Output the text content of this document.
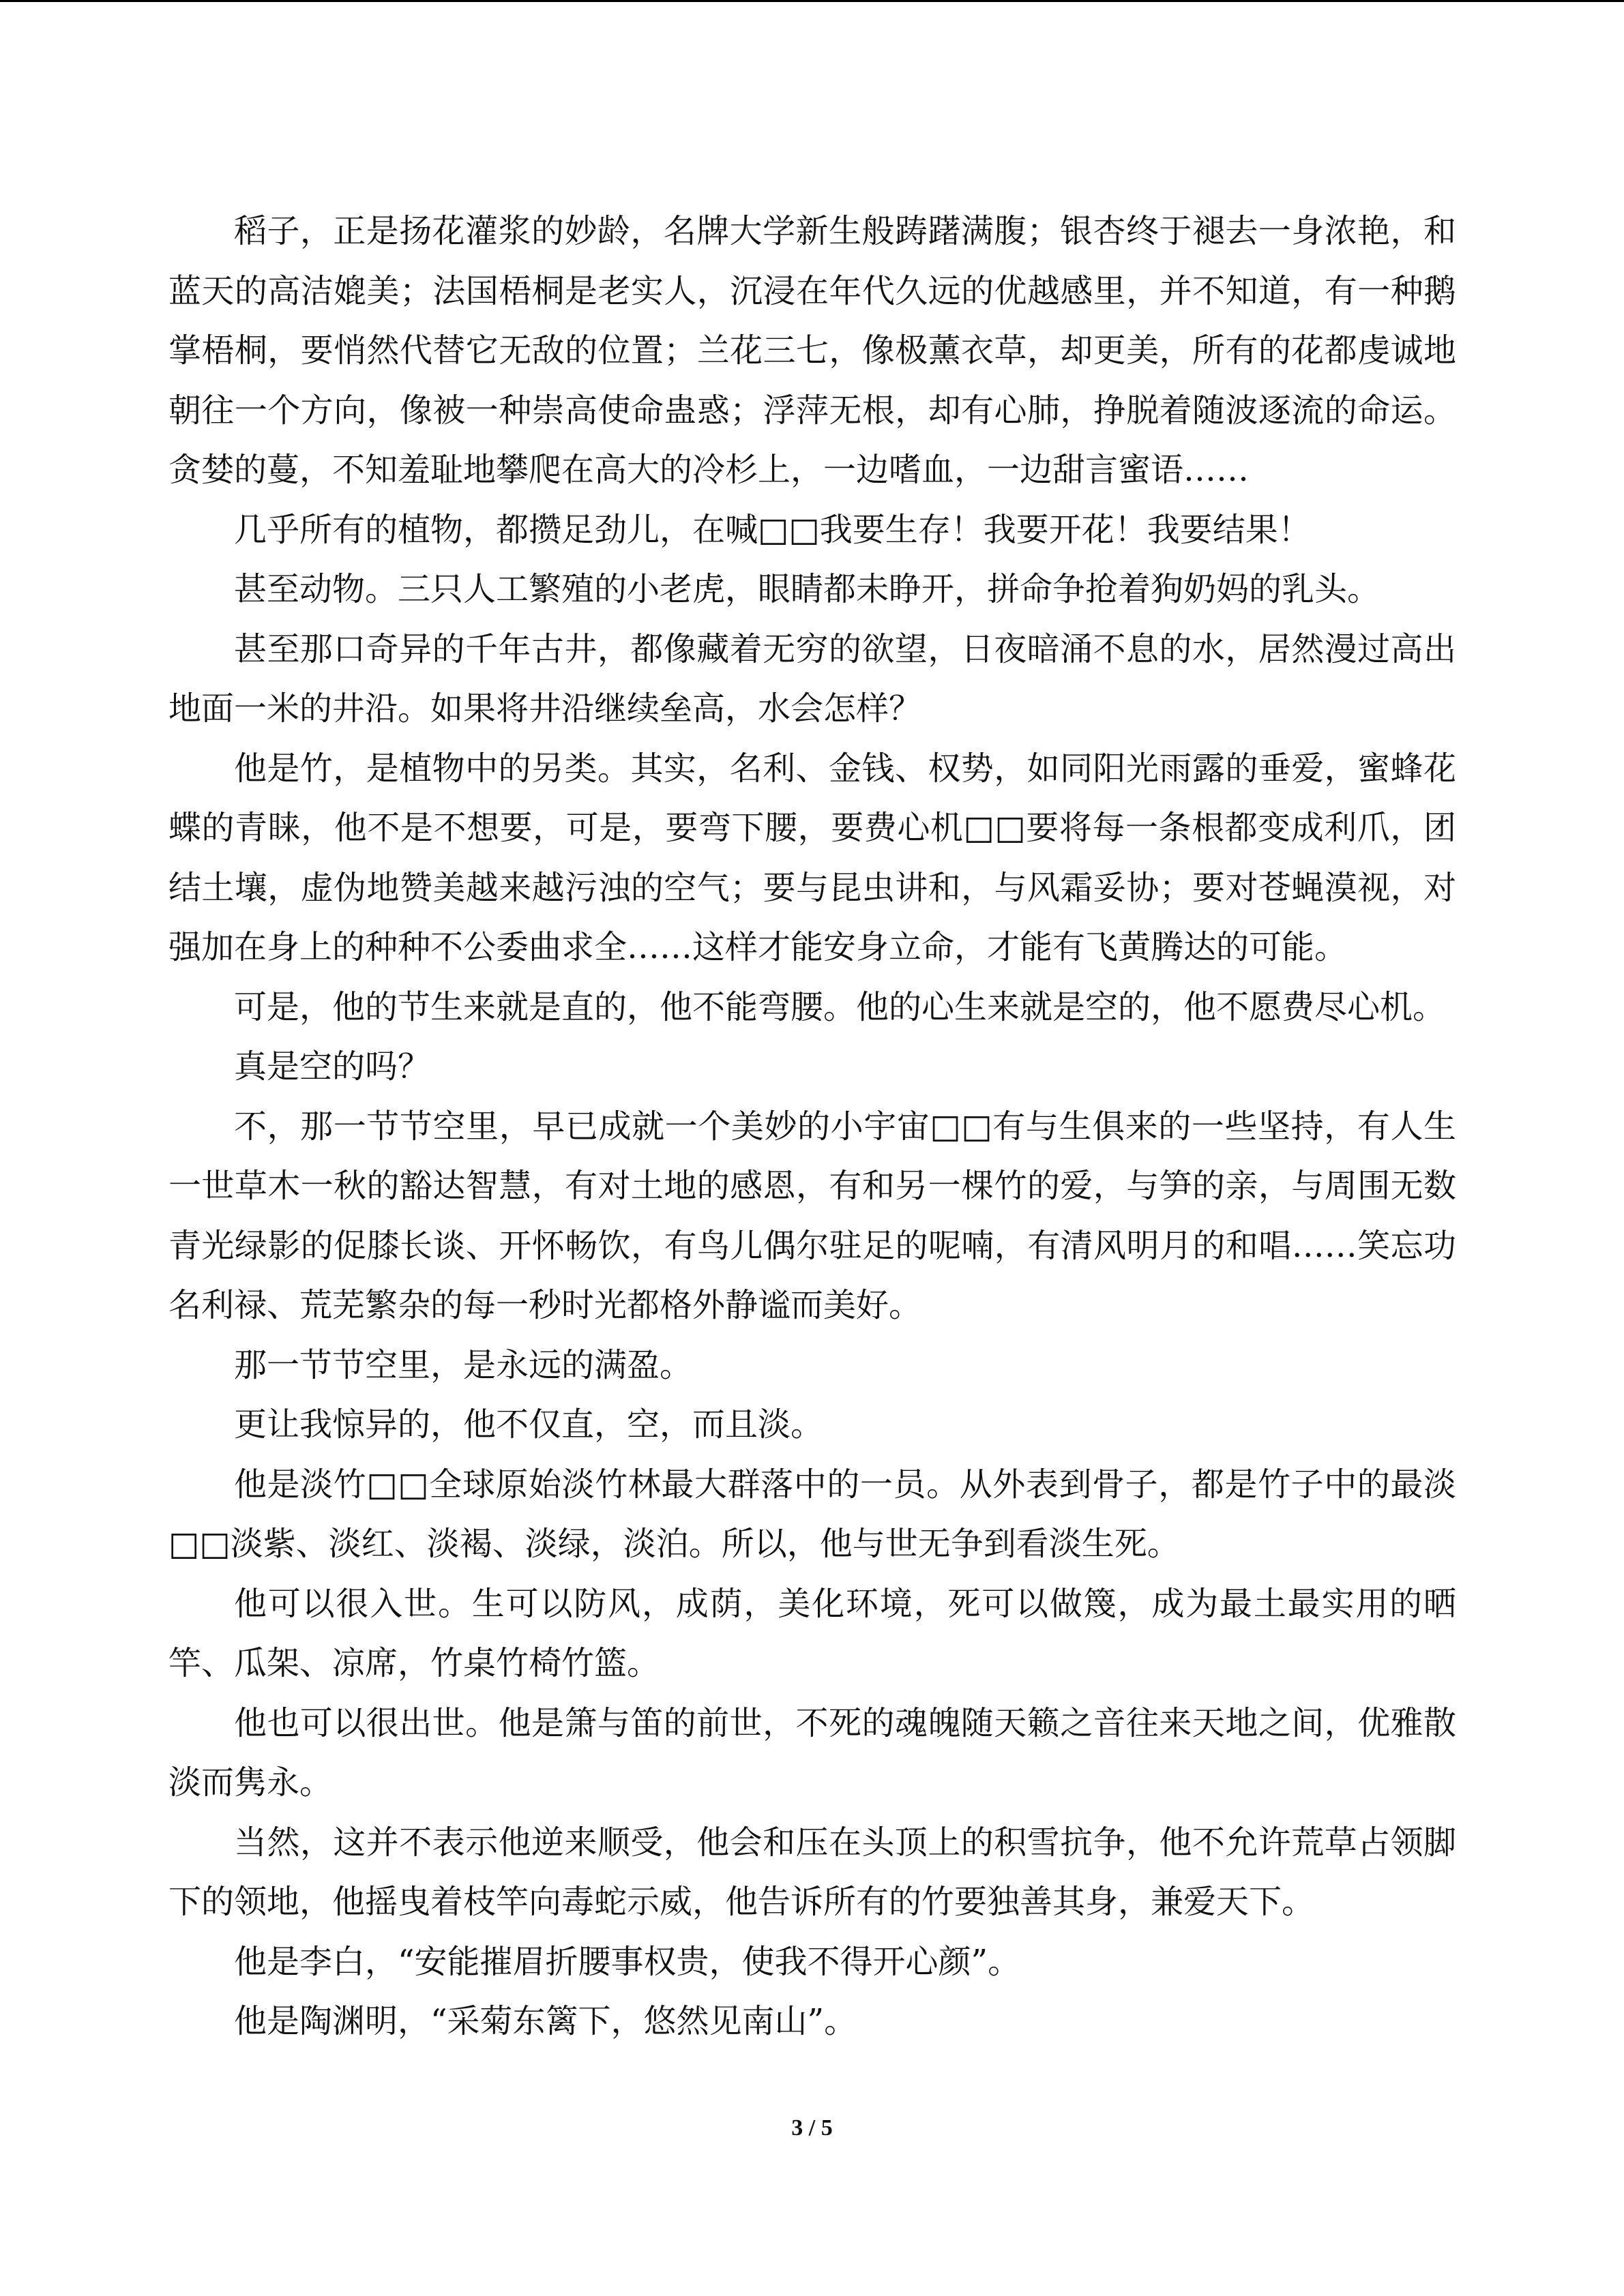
稻子，正是扬花灌浆的妙龄，名牌大学新生般踌躇满腹；银杏终于褪去一身浓艳，和蓝天的高洁媲美；法国梧桐是老实人，沉浸在年代久远的优越感里，并不知道，有一种鹅掌梧桐，要悄然代替它无敌的位置；兰花三七，像极薰衣草，却更美，所有的花都虔诚地朝往一个方向，像被一种崇高使命蛊惑；浮萍无根，却有心肺，挣脱着随波逐流的命运。贪婪的蔓，不知羞耻地攀爬在高大的冷杉上，一边嗜血，一边甜言蜜语……

几乎所有的植物，都攒足劲儿，在喊□□我要生存！我要开花！我要结果！

甚至动物。三只人工繁殖的小老虎，眼睛都未睁开，拼命争抢着狗奶妈的乳头。

甚至那口奇异的千年古井，都像藏着无穷的欲望，日夜暗涌不息的水，居然漫过高出地面一米的井沿。如果将井沿继续垒高，水会怎样？

他是竹，是植物中的另类。其实，名利、金钱、权势，如同阳光雨露的垂爱，蜜蜂花蝶的青睐，他不是不想要，可是，要弯下腰，要费心机□□要将每一条根都变成利爪，团结土壤，虚伪地赞美越来越污浊的空气；要与昆虫讲和，与风霜妥协；要对苍蝇漠视，对强加在身上的种种不公委曲求全……这样才能安身立命，才能有飞黄腾达的可能。

可是，他的节生来就是直的，他不能弯腰。他的心生来就是空的，他不愿费尽心机。

真是空的吗？

不，那一节节空里，早已成就一个美妙的小宇宙□□有与生俱来的一些坚持，有人生一世草木一秋的豁达智慧，有对土地的感恩，有和另一棵竹的爱，与笋的亲，与周围无数青光绿影的促膝长谈、开怀畅饮，有鸟儿偶尔驻足的呢喃，有清风明月的和唱……笑忘功名利禄、荒芜繁杂的每一秒时光都格外静谧而美好。

那一节节空里，是永远的满盈。

更让我惊异的，他不仅直，空，而且淡。

他是淡竹□□全球原始淡竹林最大群落中的一员。从外表到骨子，都是竹子中的最淡□□淡紫、淡红、淡褐、淡绿，淡泊。所以，他与世无争到看淡生死。

他可以很入世。生可以防风，成荫，美化环境，死可以做篾，成为最土最实用的晒竿、瓜架、凉席，竹桌竹椅竹篮。

他也可以很出世。他是箫与笛的前世，不死的魂魄随天籁之音往来天地之间，优雅散淡而隽永。

当然，这并不表示他逆来顺受，他会和压在头顶上的积雪抗争，他不允许荒草占领脚下的领地，他摇曳着枝竿向毒蛇示威，他告诉所有的竹要独善其身，兼爱天下。

他是李白，“安能摧眉折腰事权贵，使我不得开心颜”。

他是陶渊明，“采菊东篱下，悠然见南山”。

3 / 5
